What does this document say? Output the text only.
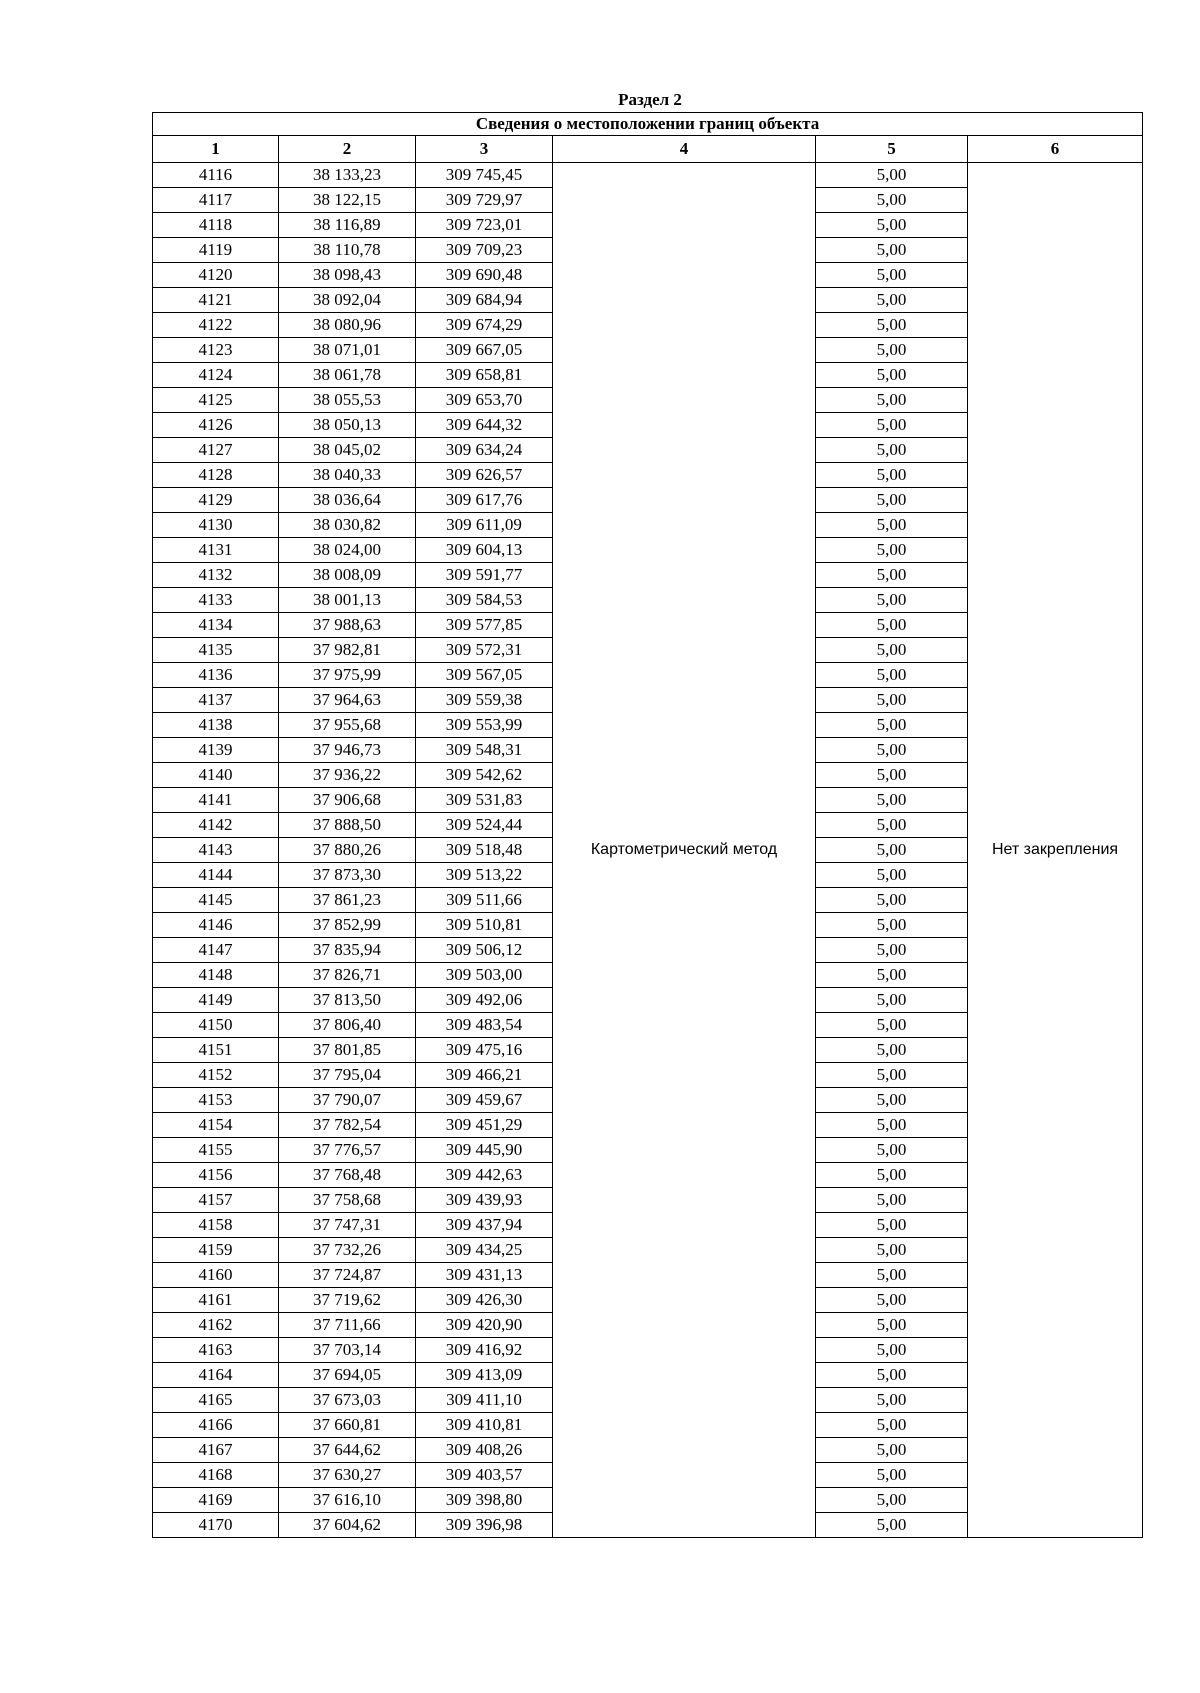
Раздел 2
Сведения о местоположении границ объекта					
1	2	3	4	5	6
4116	38 133,23	309 745,45	Картометрический метод	5,00	Нет закрепления
4117	38 122,15	309 729,97		5,00	
4118	38 116,89	309 723,01		5,00	
4119	38 110,78	309 709,23		5,00	
4120	38 098,43	309 690,48		5,00	
4121	38 092,04	309 684,94		5,00	
4122	38 080,96	309 674,29		5,00	
4123	38 071,01	309 667,05		5,00	
4124	38 061,78	309 658,81		5,00	
4125	38 055,53	309 653,70		5,00	
4126	38 050,13	309 644,32		5,00	
4127	38 045,02	309 634,24		5,00	
4128	38 040,33	309 626,57		5,00	
4129	38 036,64	309 617,76		5,00	
4130	38 030,82	309 611,09		5,00	
4131	38 024,00	309 604,13		5,00	
4132	38 008,09	309 591,77		5,00	
4133	38 001,13	309 584,53		5,00	
4134	37 988,63	309 577,85		5,00	
4135	37 982,81	309 572,31		5,00	
4136	37 975,99	309 567,05		5,00	
4137	37 964,63	309 559,38		5,00	
4138	37 955,68	309 553,99		5,00	
4139	37 946,73	309 548,31		5,00	
4140	37 936,22	309 542,62		5,00	
4141	37 906,68	309 531,83		5,00	
4142	37 888,50	309 524,44		5,00	
4143	37 880,26	309 518,48		5,00	
4144	37 873,30	309 513,22		5,00	
4145	37 861,23	309 511,66		5,00	
4146	37 852,99	309 510,81		5,00	
4147	37 835,94	309 506,12		5,00	
4148	37 826,71	309 503,00		5,00	
4149	37 813,50	309 492,06		5,00	
4150	37 806,40	309 483,54		5,00	
4151	37 801,85	309 475,16		5,00	
4152	37 795,04	309 466,21		5,00	
4153	37 790,07	309 459,67		5,00	
4154	37 782,54	309 451,29		5,00	
4155	37 776,57	309 445,90		5,00	
4156	37 768,48	309 442,63		5,00	
4157	37 758,68	309 439,93		5,00	
4158	37 747,31	309 437,94		5,00	
4159	37 732,26	309 434,25		5,00	
4160	37 724,87	309 431,13		5,00	
4161	37 719,62	309 426,30		5,00	
4162	37 711,66	309 420,90		5,00	
4163	37 703,14	309 416,92		5,00	
4164	37 694,05	309 413,09		5,00	
4165	37 673,03	309 411,10		5,00	
4166	37 660,81	309 410,81		5,00	
4167	37 644,62	309 408,26		5,00	
4168	37 630,27	309 403,57		5,00	
4169	37 616,10	309 398,80		5,00	
4170	37 604,62	309 396,98		5,00	
